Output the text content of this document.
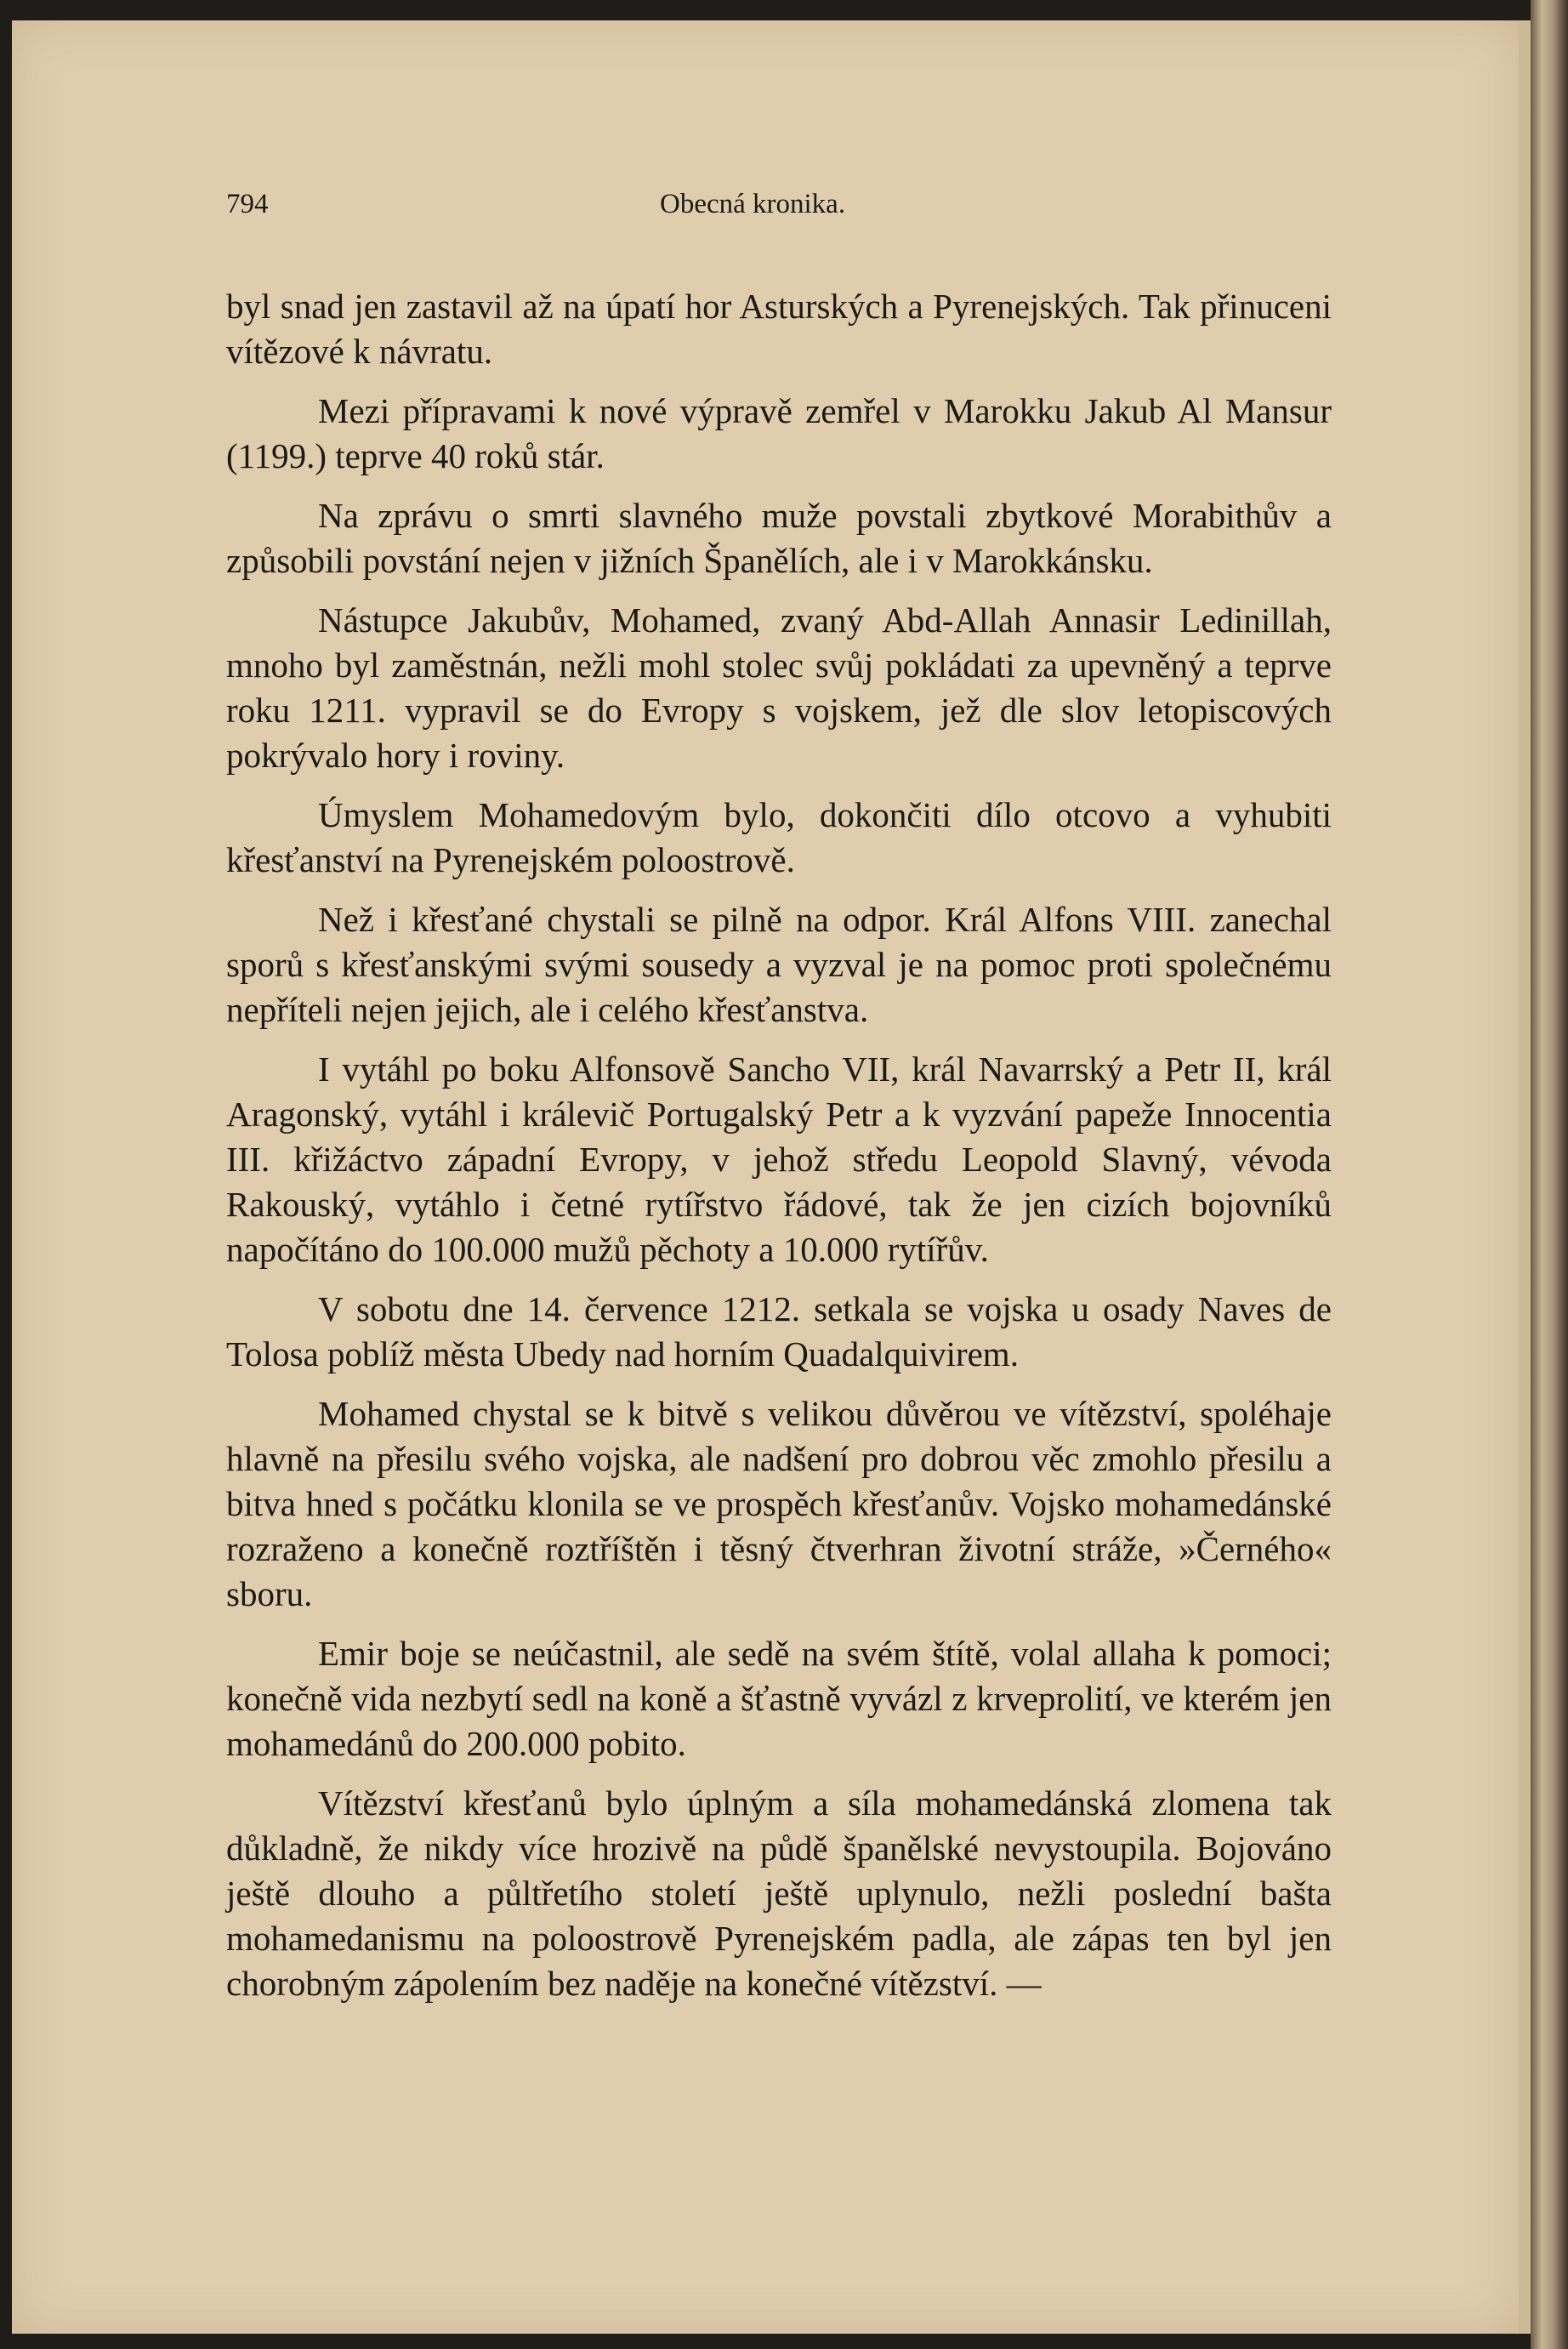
794	Obecná kronika.

byl snad jen zastavil až na úpatí hor Asturských a Pyrenejských. Tak přinuceni vítězové k návratu.

Mezi přípravami k nové výpravě zemřel v Marokku Jakub Al Mansur (1199.) teprve 40 roků stár.

Na zprávu o smrti slavného muže povstali zbytkové Morabithův a způsobili povstání nejen v jižních Španělích, ale i v Marokkánsku.

Nástupce Jakubův, Mohamed, zvaný Abd-Allah Annasir Ledinillah, mnoho byl zaměstnán, nežli mohl stolec svůj pokládati za upevněný a teprve roku 1211. vypravil se do Evropy s vojskem, jež dle slov letopiscových pokrývalo hory i roviny.

Úmyslem Mohamedovým bylo, dokončiti dílo otcovo a vyhubiti křesťanství na Pyrenejském poloostrově.

Než i křesťané chystali se pilně na odpor. Král Alfons VIII. zanechal sporů s křesťanskými svými sousedy a vyzval je na pomoc proti společnému nepříteli nejen jejich, ale i celého křesťanstva.

I vytáhl po boku Alfonsově Sancho VII, král Navarrský a Petr II, král Aragonský, vytáhl i králevič Portugalský Petr a k vyzvání papeže Innocentia III. křižáctvo západní Evropy, v jehož středu Leopold Slavný, vévoda Rakouský, vytáhlo i četné rytířstvo řádové, tak že jen cizích bojovníků napočítáno do 100.000 mužů pěchoty a 10.000 rytířův.

V sobotu dne 14. července 1212. setkala se vojska u osady Naves de Tolosa poblíž města Ubedy nad horním Quadalquivirem.

Mohamed chystal se k bitvě s velikou důvěrou ve vítězství, spoléhaje hlavně na přesilu svého vojska, ale nadšení pro dobrou věc zmohlo přesilu a bitva hned s počátku klonila se ve prospěch křesťanův. Vojsko mohamedánské rozraženo a konečně roztříštěn i těsný čtverhran životní stráže, »Černého« sboru.

Emir boje se neúčastnil, ale sedě na svém štítě, volal allaha k pomoci; konečně vida nezbytí sedl na koně a šťastně vyvázl z krveprolití, ve kterém jen mohamedánů do 200.000 pobito.

Vítězství křesťanů bylo úplným a síla mohamedánská zlomena tak důkladně, že nikdy více hrozivě na půdě španělské nevystoupila. Bojováno ještě dlouho a půltřetího století ještě uplynulo, nežli poslední bašta mohamedanismu na poloostrově Pyrenejském padla, ale zápas ten byl jen chorobným zápolením bez naděje na konečné vítězství. —
